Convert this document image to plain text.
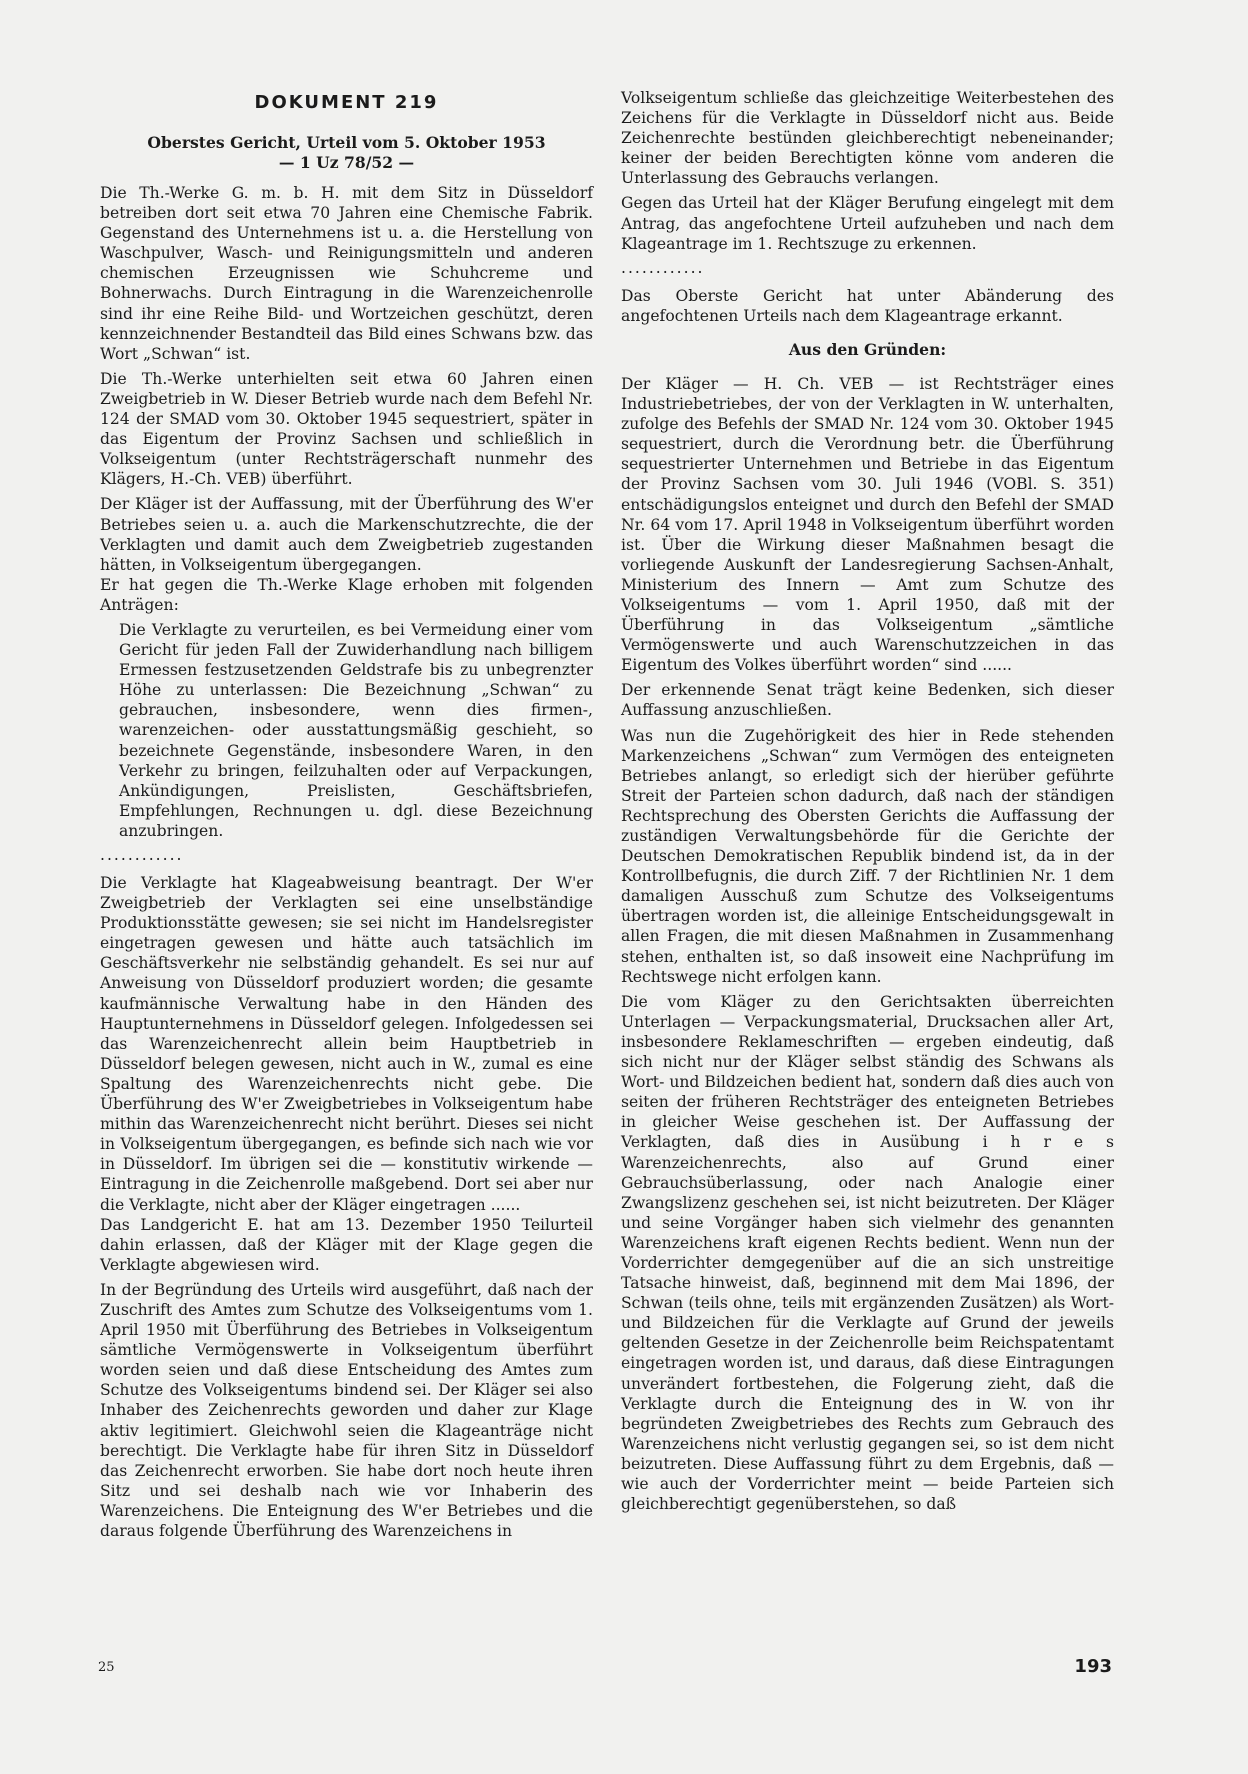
DOKUMENT 219
Oberstes Gericht, Urteil vom 5. Oktober 1953
— 1 Uz 78/52 —

Die Th.-Werke G. m. b. H. mit dem Sitz in Düsseldorf betreiben dort seit etwa 70 Jahren eine Chemische Fabrik. Gegenstand des Unternehmens ist u. a. die Herstellung von Waschpulver, Wasch- und Reinigungsmitteln und anderen chemischen Erzeugnissen wie Schuhcreme und Bohnerwachs. Durch Eintragung in die Warenzeichenrolle sind ihr eine Reihe Bild- und Wortzeichen geschützt, deren kennzeichnender Bestandteil das Bild eines Schwans bzw. das Wort „Schwan“ ist.

Die Th.-Werke unterhielten seit etwa 60 Jahren einen Zweigbetrieb in W. Dieser Betrieb wurde nach dem Befehl Nr. 124 der SMAD vom 30. Oktober 1945 sequestriert, später in das Eigentum der Provinz Sachsen und schließlich in Volkseigentum (unter Rechtsträgerschaft nunmehr des Klägers, H.-Ch. VEB) überführt.

Der Kläger ist der Auffassung, mit der Überführung des W'er Betriebes seien u. a. auch die Markenschutzrechte, die der Verklagten und damit auch dem Zweigbetrieb zugestanden hätten, in Volkseigentum übergegangen.

Er hat gegen die Th.-Werke Klage erhoben mit folgenden Anträgen:

Die Verklagte zu verurteilen, es bei Vermeidung einer vom Gericht für jeden Fall der Zuwiderhandlung nach billigem Ermessen festzusetzenden Geldstrafe bis zu unbegrenzter Höhe zu unterlassen: Die Bezeichnung „Schwan“ zu gebrauchen, insbesondere, wenn dies firmen-, warenzeichen- oder ausstattungsmäßig geschieht, so bezeichnete Gegenstände, insbesondere Waren, in den Verkehr zu bringen, feilzuhalten oder auf Verpackungen, Ankündigungen, Preislisten, Geschäftsbriefen, Empfehlungen, Rechnungen u. dgl. diese Bezeichnung anzubringen.

............

Die Verklagte hat Klageabweisung beantragt. Der W'er Zweigbetrieb der Verklagten sei eine unselbständige Produktionsstätte gewesen; sie sei nicht im Handelsregister eingetragen gewesen und hätte auch tatsächlich im Geschäftsverkehr nie selbständig gehandelt. Es sei nur auf Anweisung von Düsseldorf produziert worden; die gesamte kaufmännische Verwaltung habe in den Händen des Hauptunternehmens in Düsseldorf gelegen. Infolgedessen sei das Warenzeichenrecht allein beim Hauptbetrieb in Düsseldorf belegen gewesen, nicht auch in W., zumal es eine Spaltung des Warenzeichenrechts nicht gebe. Die Überführung des W'er Zweigbetriebes in Volkseigentum habe mithin das Warenzeichenrecht nicht berührt. Dieses sei nicht in Volkseigentum übergegangen, es befinde sich nach wie vor in Düsseldorf. Im übrigen sei die — konstitutiv wirkende — Eintragung in die Zeichenrolle maßgebend. Dort sei aber nur die Verklagte, nicht aber der Kläger eingetragen ......

Das Landgericht E. hat am 13. Dezember 1950 Teilurteil dahin erlassen, daß der Kläger mit der Klage gegen die Verklagte abgewiesen wird.

In der Begründung des Urteils wird ausgeführt, daß nach der Zuschrift des Amtes zum Schutze des Volkseigentums vom 1. April 1950 mit Überführung des Betriebes in Volkseigentum sämtliche Vermögenswerte in Volkseigentum überführt worden seien und daß diese Entscheidung des Amtes zum Schutze des Volkseigentums bindend sei. Der Kläger sei also Inhaber des Zeichenrechts geworden und daher zur Klage aktiv legitimiert. Gleichwohl seien die Klageanträge nicht berechtigt. Die Verklagte habe für ihren Sitz in Düsseldorf das Zeichenrecht erworben. Sie habe dort noch heute ihren Sitz und sei deshalb nach wie vor Inhaberin des Warenzeichens. Die Enteignung des W'er Betriebes und die daraus folgende Überführung des Warenzeichens in

Volkseigentum schließe das gleichzeitige Weiterbestehen des Zeichens für die Verklagte in Düsseldorf nicht aus. Beide Zeichenrechte bestünden gleichberechtigt nebeneinander; keiner der beiden Berechtigten könne vom anderen die Unterlassung des Gebrauchs verlangen.

Gegen das Urteil hat der Kläger Berufung eingelegt mit dem Antrag, das angefochtene Urteil aufzuheben und nach dem Klageantrage im 1. Rechtszuge zu erkennen.

............

Das Oberste Gericht hat unter Abänderung des angefochtenen Urteils nach dem Klageantrage erkannt.

Aus den Gründen:

Der Kläger — H. Ch. VEB — ist Rechtsträger eines Industriebetriebes, der von der Verklagten in W. unterhalten, zufolge des Befehls der SMAD Nr. 124 vom 30. Oktober 1945 sequestriert, durch die Verordnung betr. die Überführung sequestrierter Unternehmen und Betriebe in das Eigentum der Provinz Sachsen vom 30. Juli 1946 (VOBl. S. 351) entschädigungslos enteignet und durch den Befehl der SMAD Nr. 64 vom 17. April 1948 in Volkseigentum überführt worden ist. Über die Wirkung dieser Maßnahmen besagt die vorliegende Auskunft der Landesregierung Sachsen-Anhalt, Ministerium des Innern — Amt zum Schutze des Volkseigentums — vom 1. April 1950, daß mit der Überführung in das Volkseigentum „sämtliche Vermögenswerte und auch Warenschutzzeichen in das Eigentum des Volkes überführt worden“ sind ......

Der erkennende Senat trägt keine Bedenken, sich dieser Auffassung anzuschließen.

Was nun die Zugehörigkeit des hier in Rede stehenden Markenzeichens „Schwan“ zum Vermögen des enteigneten Betriebes anlangt, so erledigt sich der hierüber geführte Streit der Parteien schon dadurch, daß nach der ständigen Rechtsprechung des Obersten Gerichts die Auffassung der zuständigen Verwaltungsbehörde für die Gerichte der Deutschen Demokratischen Republik bindend ist, da in der Kontrollbefugnis, die durch Ziff. 7 der Richtlinien Nr. 1 dem damaligen Ausschuß zum Schutze des Volkseigentums übertragen worden ist, die alleinige Entscheidungsgewalt in allen Fragen, die mit diesen Maßnahmen in Zusammenhang stehen, enthalten ist, so daß insoweit eine Nachprüfung im Rechtswege nicht erfolgen kann.

Die vom Kläger zu den Gerichtsakten überreichten Unterlagen — Verpackungsmaterial, Drucksachen aller Art, insbesondere Reklameschriften — ergeben eindeutig, daß sich nicht nur der Kläger selbst ständig des Schwans als Wort- und Bildzeichen bedient hat, sondern daß dies auch von seiten der früheren Rechtsträger des enteigneten Betriebes in gleicher Weise geschehen ist. Der Auffassung der Verklagten, daß dies in Ausübung i h r e s Warenzeichenrechts, also auf Grund einer Gebrauchsüberlassung, oder nach Analogie einer Zwangslizenz geschehen sei, ist nicht beizutreten. Der Kläger und seine Vorgänger haben sich vielmehr des genannten Warenzeichens kraft eigenen Rechts bedient. Wenn nun der Vorderrichter demgegenüber auf die an sich unstreitige Tatsache hinweist, daß, beginnend mit dem Mai 1896, der Schwan (teils ohne, teils mit ergänzenden Zusätzen) als Wort- und Bildzeichen für die Verklagte auf Grund der jeweils geltenden Gesetze in der Zeichenrolle beim Reichspatentamt eingetragen worden ist, und daraus, daß diese Eintragungen unverändert fortbestehen, die Folgerung zieht, daß die Verklagte durch die Enteignung des in W. von ihr begründeten Zweigbetriebes des Rechts zum Gebrauch des Warenzeichens nicht verlustig gegangen sei, so ist dem nicht beizutreten. Diese Auffassung führt zu dem Ergebnis, daß — wie auch der Vorderrichter meint — beide Parteien sich gleichberechtigt gegenüberstehen, so daß

25	193
